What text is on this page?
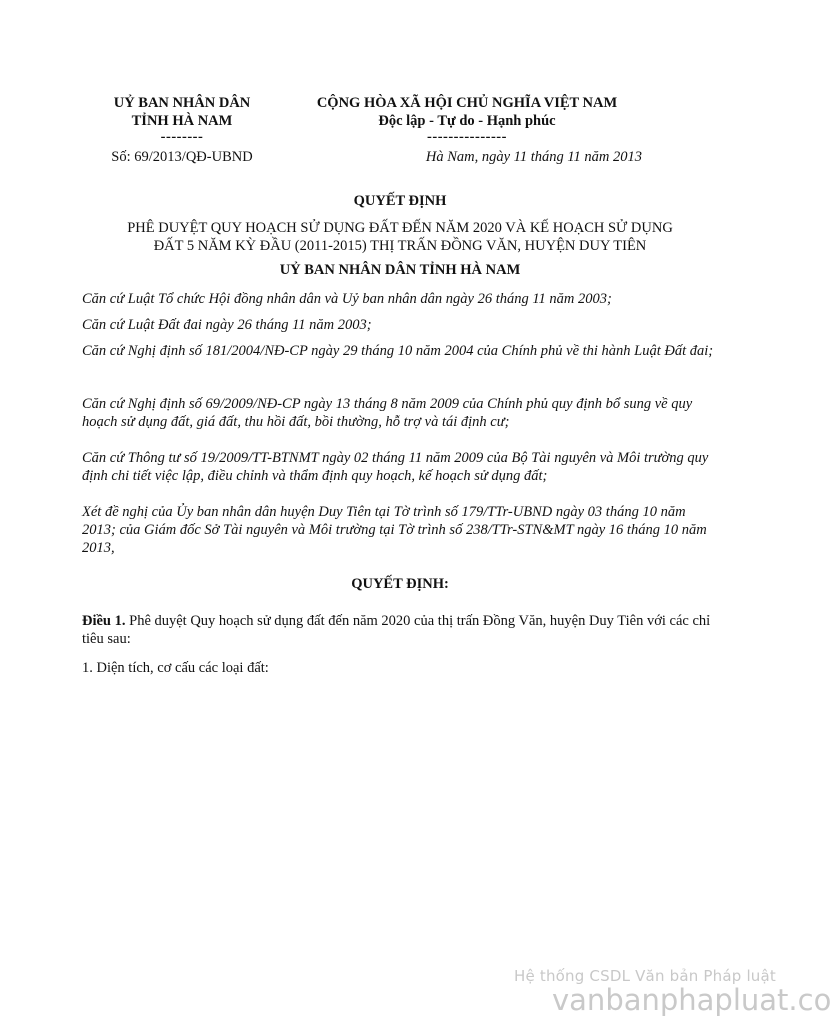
UỶ BAN NHÂN DÂN
TỈNH HÀ NAM
--------
CỘNG HÒA XÃ HỘI CHỦ NGHĨA VIỆT NAM
Độc lập - Tự do - Hạnh phúc
---------------
Số: 69/2013/QĐ-UBND	Hà Nam, ngày 11 tháng 11 năm 2013
QUYẾT ĐỊNH
PHÊ DUYỆT QUY HOẠCH SỬ DỤNG ĐẤT ĐẾN NĂM 2020 VÀ KẾ HOẠCH SỬ DỤNG
ĐẤT 5 NĂM KỲ ĐẦU (2011-2015) THỊ TRẤN ĐỒNG VĂN, HUYỆN DUY TIÊN
UỶ BAN NHÂN DÂN TỈNH HÀ NAM
Căn cứ Luật Tổ chức Hội đồng nhân dân và Uỷ ban nhân dân ngày 26 tháng 11 năm 2003;
Căn cứ Luật Đất đai ngày 26 tháng 11 năm 2003;
Căn cứ Nghị định số 181/2004/NĐ-CP ngày 29 tháng 10 năm 2004 của Chính phủ về thi hành Luật Đất đai;
Căn cứ Nghị định số 69/2009/NĐ-CP ngày 13 tháng 8 năm 2009 của Chính phủ quy định bổ sung về quy hoạch sử dụng đất, giá đất, thu hồi đất, bồi thường, hỗ trợ và tái định cư;
Căn cứ Thông tư số 19/2009/TT-BTNMT ngày 02 tháng 11 năm 2009 của Bộ Tài nguyên và Môi trường quy định chi tiết việc lập, điều chỉnh và thẩm định quy hoạch, kế hoạch sử dụng đất;
Xét đề nghị của Ủy ban nhân dân huyện Duy Tiên tại Tờ trình số 179/TTr-UBND ngày 03 tháng 10 năm 2013; của Giám đốc Sở Tài nguyên và Môi trường tại Tờ trình số 238/TTr-STN&MT ngày 16 tháng 10 năm 2013,
QUYẾT ĐỊNH:
Điều 1. Phê duyệt Quy hoạch sử dụng đất đến năm 2020 của thị trấn Đồng Văn, huyện Duy Tiên với các chỉ tiêu sau:
1. Diện tích, cơ cấu các loại đất:
Hệ thống CSDL Văn bản Pháp luật
vanbanphapluat.co
